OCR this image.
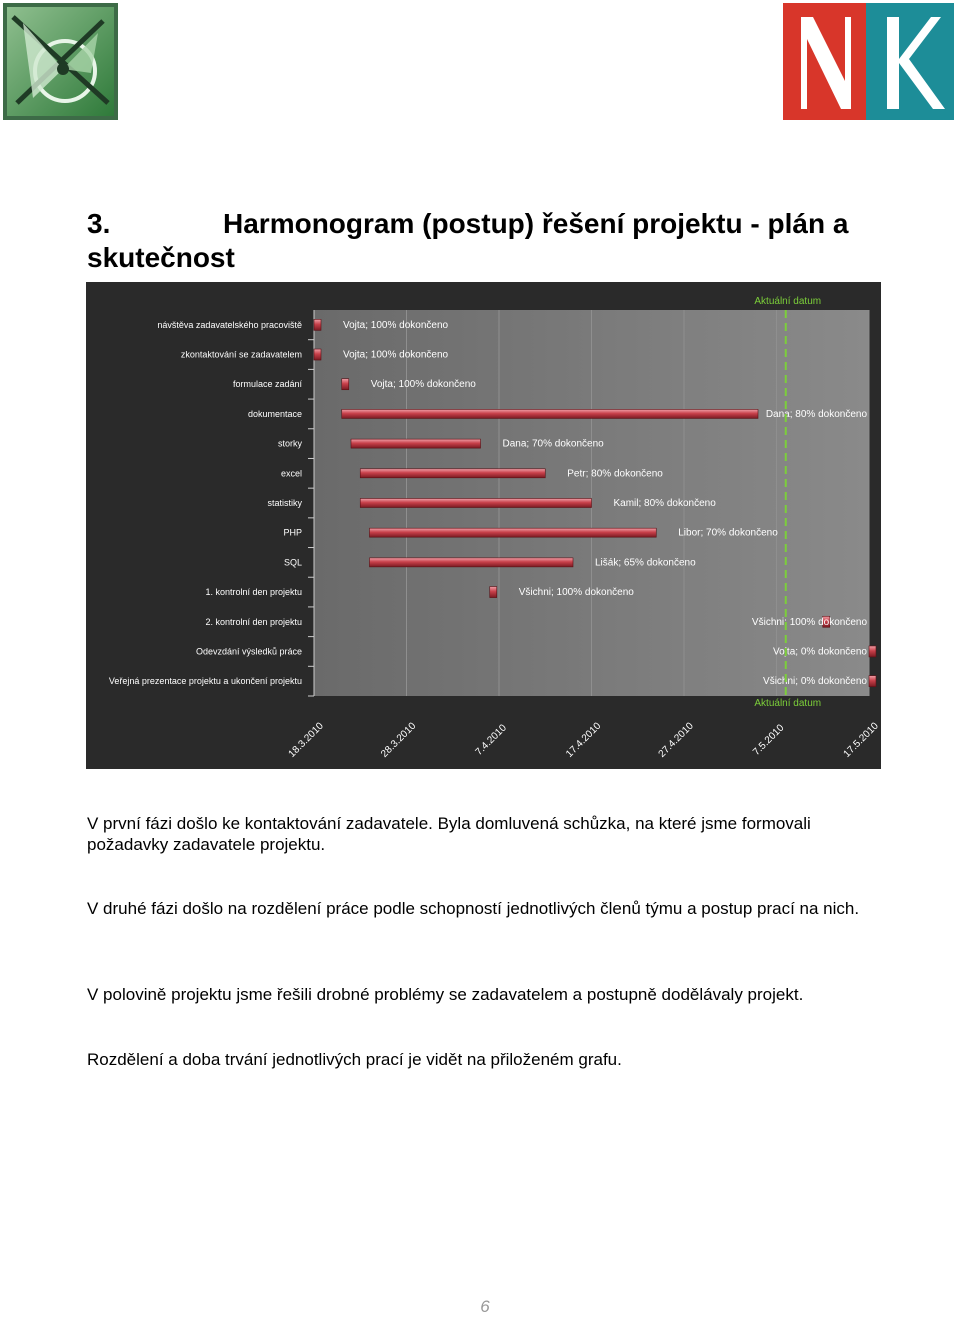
3.	Harmonogram (postup) řešení projektu - plán a skutečnost
návštěva zadavatelského pracoviště
zkontaktování se zadavatelem
formulace zadání
dokumentace
storky
excel
statistiky
PHP
SQL
1. kontrolní den projektu
2. kontrolní den projektu
Odevzdání výsledků práce
Veřejná prezentace projektu a ukončení projektu
Vojta; 100% dokončeno
Vojta; 100% dokončeno
Vojta; 100% dokončeno
Dana; 80% dokončeno
Dana; 70% dokončeno
Petr; 80% dokončeno
Kamil; 80% dokončeno
Libor; 70% dokončeno
Lišák; 65% dokončeno
Všichni; 100% dokončeno
Všichni; 100% dokončeno
Vojta; 0% dokončeno
Všichni; 0% dokončeno
18.3.2010	28.3.2010	7.4.2010	17.4.2010	27.4.2010	7.5.2010	17.5.2010
Aktuální datum
Aktuální datum
V první fázi došlo ke kontaktování zadavatele. Byla domluvená schůzka, na které jsme formovali požadavky zadavatele projektu.
V druhé fázi došlo na rozdělení práce podle schopností jednotlivých členů týmu a postup prací na nich.
V polovině projektu jsme řešili drobné problémy se zadavatelem a postupně dodělávaly projekt.
Rozdělení a doba trvání jednotlivých prací je vidět na přiloženém grafu.
6
